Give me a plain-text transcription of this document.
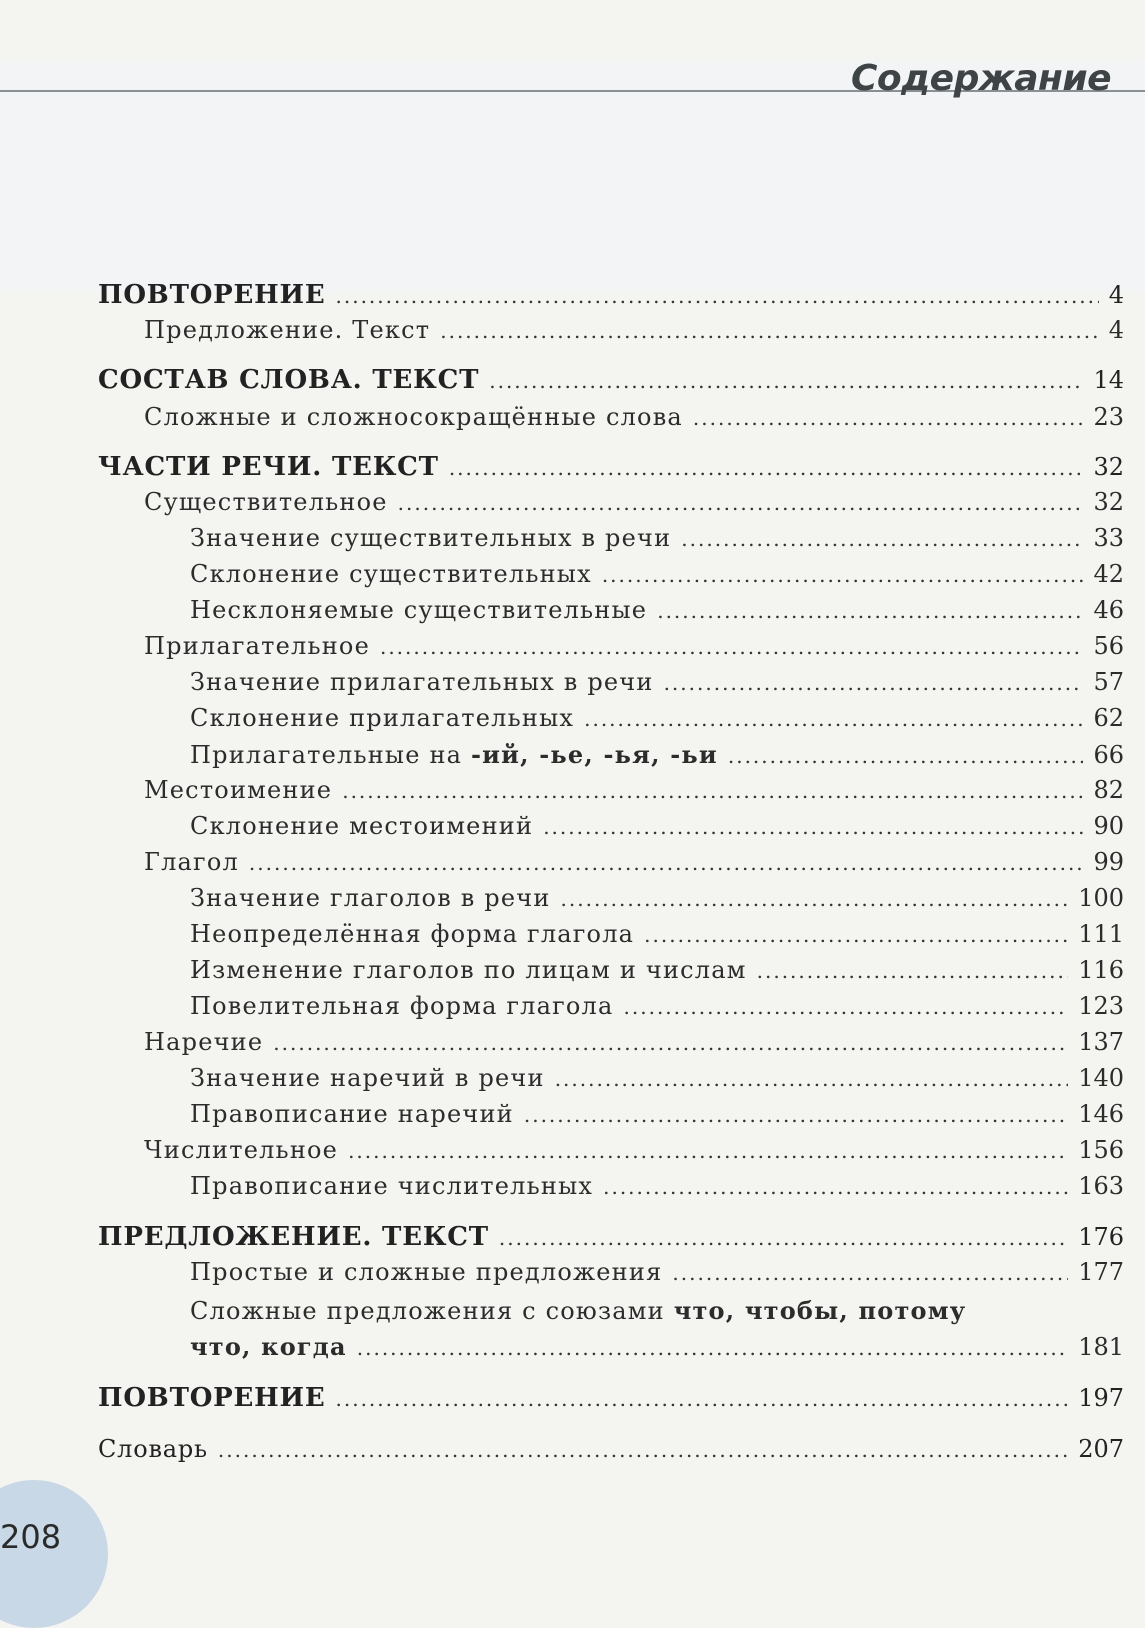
Содержание
ПОВТОРЕНИЕ .....	4
Предложение. Текст .....	4
СОСТАВ СЛОВА. ТЕКСТ .....	14
Сложные и сложносокращённые слова .....	23
ЧАСТИ РЕЧИ. ТЕКСТ .....	32
Существительное .....	32
Значение существительных в речи .....	33
Склонение существительных .....	42
Несклоняемые существительные .....	46
Прилагательное .....	56
Значение прилагательных в речи .....	57
Склонение прилагательных .....	62
Прилагательные на -ий, -ье, -ья, -ьи .....	66
Местоимение .....	82
Склонение местоимений .....	90
Глагол .....	99
Значение глаголов в речи .....	100
Неопределённая форма глагола .....	111
Изменение глаголов по лицам и числам .....	116
Повелительная форма глагола .....	123
Наречие .....	137
Значение наречий в речи .....	140
Правописание наречий .....	146
Числительное .....	156
Правописание числительных .....	163
ПРЕДЛОЖЕНИЕ. ТЕКСТ .....	176
Простые и сложные предложения .....	177
Сложные предложения с союзами что, чтобы, потому
что, когда .....	181
ПОВТОРЕНИЕ .....	197
Словарь .....	207
208
